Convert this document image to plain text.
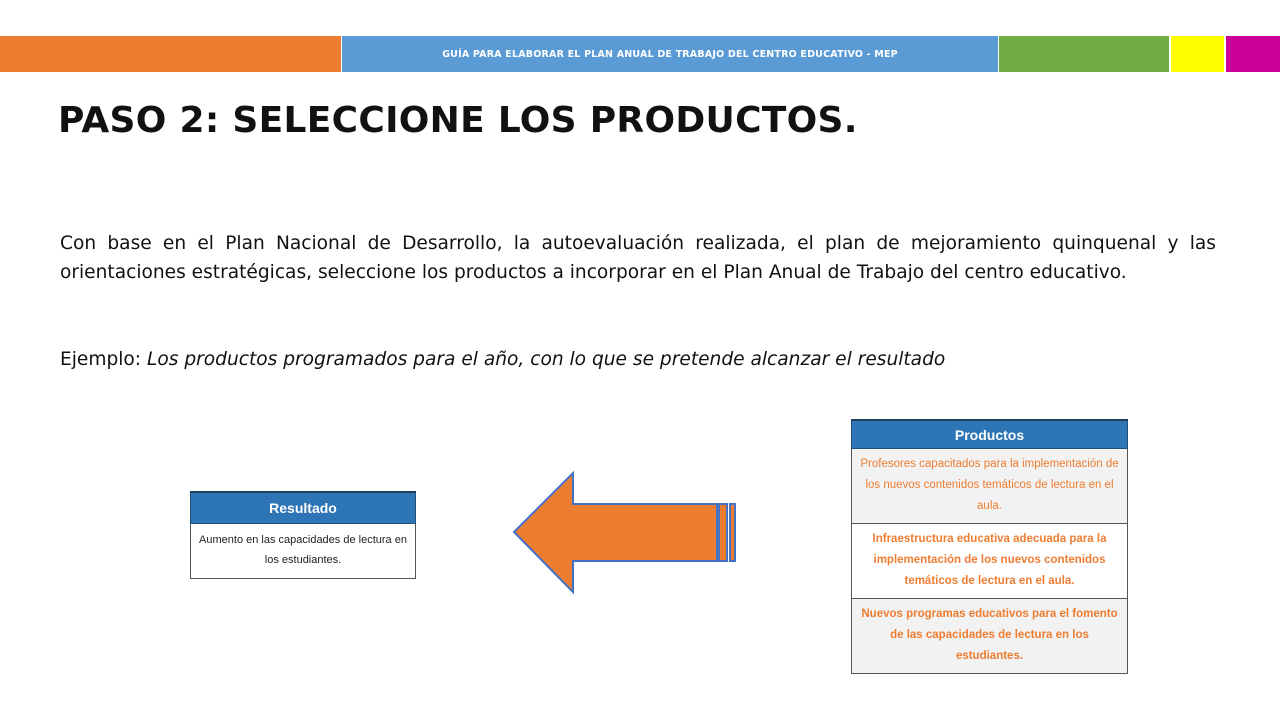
GUÍA PARA ELABORAR EL PLAN ANUAL DE TRABAJO DEL CENTRO EDUCATIVO - MEP
PASO 2: SELECCIONE LOS PRODUCTOS.

Con base en el Plan Nacional de Desarrollo, la autoevaluación realizada, el plan de mejoramiento quinquenal y las orientaciones estratégicas, seleccione los productos a incorporar en el Plan Anual de Trabajo del centro educativo.

Ejemplo: Los productos programados para el año, con lo que se pretende alcanzar el resultado

Resultado
Aumento en las capacidades de lectura en los estudiantes.
Productos
Profesores capacitados para la implementación de los nuevos contenidos temáticos de lectura en el aula.
Infraestructura educativa adecuada para la implementación de los nuevos contenidos temáticos de lectura en el aula.
Nuevos programas educativos para el fomento de las capacidades de lectura en los estudiantes.
